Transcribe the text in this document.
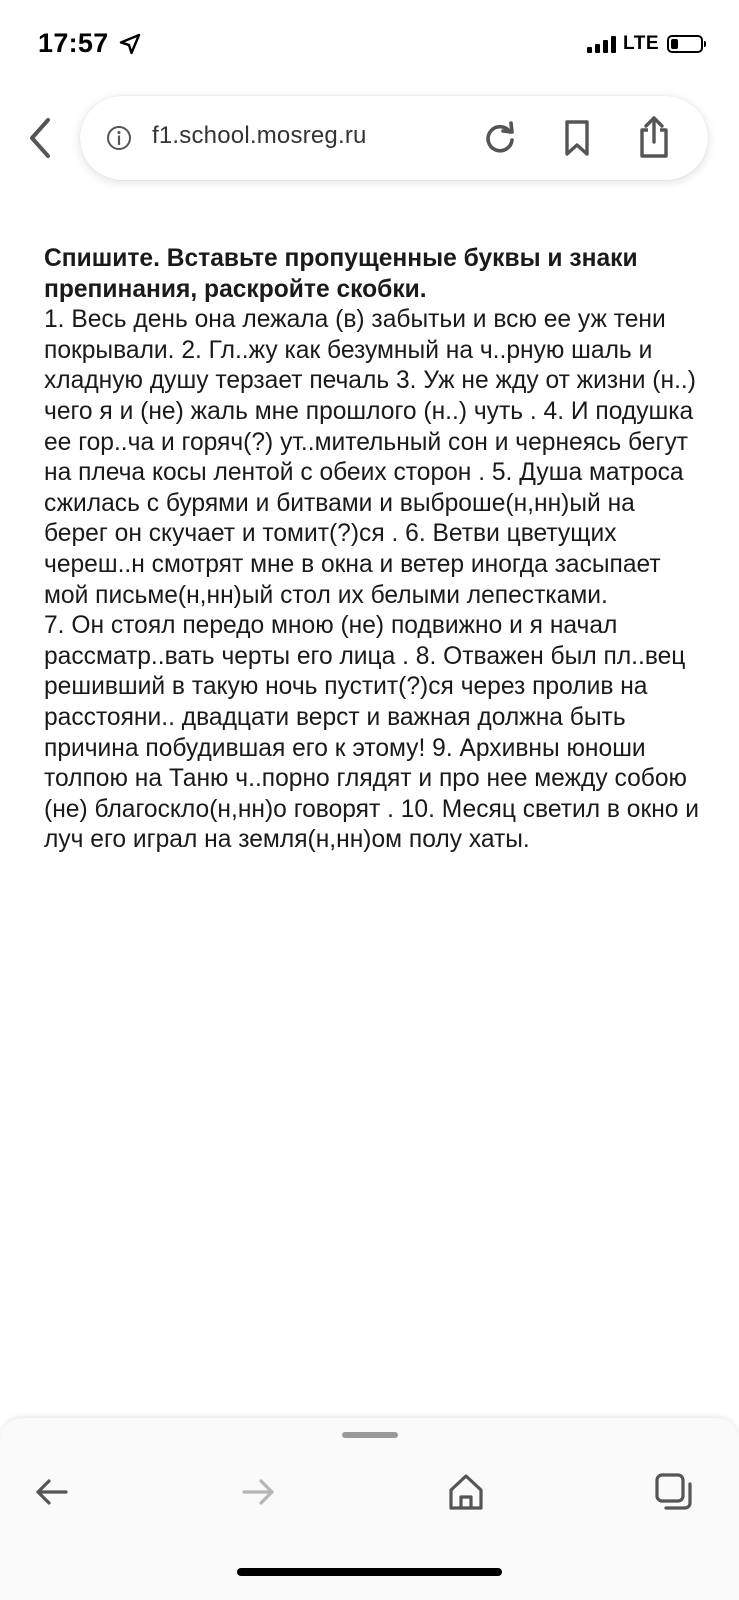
17:57	LTE
f1.school.mosreg.ru

Спишите. Вставьте пропущенные буквы и знаки препинания, раскройте скобки.

1. Весь день она лежала (в) забытьи и всю ее уж тени покрывали. 2. Гл..жу как безумный на ч..рную шаль и хладную душу терзает печаль 3. Уж не жду от жизни (н..) чего я и (не) жаль мне прошлого (н..) чуть . 4. И подушка ее гор..ча и горяч(?) ут..мительный сон и чернеясь бегут на плеча косы лентой с обеих сторон . 5. Душа матроса сжилась с бурями и битвами и выброше(н,нн)ый на берег он скучает и томит(?)ся . 6. Ветви цветущих череш..н смотрят мне в окна и ветер иногда засыпает мой письме(н,нн)ый стол их белыми лепестками.

7. Он стоял передо мною (не) подвижно и я начал рассматр..вать черты его лица . 8. Отважен был пл..вец решивший в такую ночь пустит(?)ся через пролив на расстояни.. двадцати верст и важная должна быть причина побудившая его к этому! 9. Архивны юноши толпою на Таню ч..порно глядят и про нее между собою (не) благоскло(н,нн)о говорят . 10. Месяц светил в окно и луч его играл на земля(н,нн)ом полу хаты.
